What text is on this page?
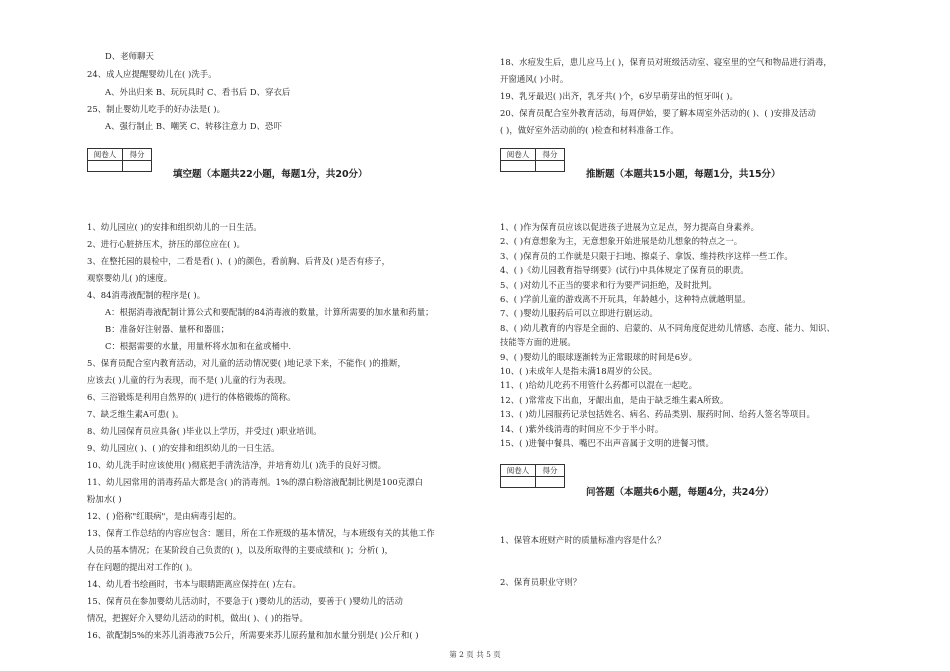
D、老师聊天
24、成人应提醒婴幼儿在( )洗手。
A、外出归来 B、玩玩具时 C、看书后 D、穿衣后
25、制止婴幼儿吃手的好办法是( )。
A、强行制止 B、嘲笑 C、转移注意力 D、恐吓
阅卷人	得分

填空题（本题共22小题，每题1分，共20分）
1、幼儿园应( )的安排和组织幼儿的一日生活。
2、进行心脏挤压术，挤压的部位应在( )。
3、在整托园的晨检中，二看是看( )、( )的颜色，看前胸、后背及( )是否有疹子，
观察婴幼儿( )的速度。
4、84消毒液配制的程序是( )。
A：根据消毒液配制计算公式和要配制的84消毒液的数量，计算所需要的加水量和药量；
B：准备好注射器、量杯和器皿；
C：根据需要的水量，用量杯将水加和在盆或桶中.
5、保育员配合室内教育活动，对儿童的活动情况要( )地记录下来，不能作( )的推断，
应该去( )儿童的行为表现，而不是( )儿童的行为表现。
6、三浴锻炼是利用自然界的( )进行的体格锻炼的简称。
7、缺乏维生素A可患( )。
8、幼儿园保育员应具备( )毕业以上学历，并受过( )职业培训。
9、幼儿园应( )、( )的安排和组织幼儿的一日生活。
10、幼儿洗手时应该使用( )彻底把手清洗洁净，并培育幼儿( )洗手的良好习惯。
11、幼儿园常用的消毒药品大都是含( )的消毒剂。1%的漂白粉溶液配制比例是100克漂白
粉加水( )
12、( )俗称"红眼病"，是由病毒引起的。
13、保育工作总结的内容应包含：题目，所在工作班级的基本情况，与本班级有关的其他工作
人员的基本情况；在某阶段自己负责的( )，以及所取得的主要成绩和( )；分析( )，
存在问题的提出对工作的( )。
14、幼儿看书绘画时，书本与眼睛距离应保持在( )左右。
15、保育员在参加婴幼儿活动时，不要急于( )婴幼儿的活动，要善于( )婴幼儿的活动
情况，把握好介入婴幼儿活动的时机，做出( )、( )的指导。
16、欲配制5%的来苏儿消毒液75公斤，所需要来苏儿原药量和加水量分别是( )公斤和( )
18、水痘发生后，患儿应马上( )，保育员对班级活动室、寝室里的空气和物品进行消毒，
开窗通风( )小时。
19、乳牙最迟( )出齐，乳牙共( )个，6岁早萌芽出的恒牙叫( )。
20、保育员配合室外教育活动，每周伊始，要了解本周室外活动的( )、( )安排及活动
( )，做好室外活动前的( )检查和材料准备工作。
阅卷人	得分

推断题（本题共15小题，每题1分，共15分）
1、( )作为保育员应该以促进孩子进展为立足点，努力提高自身素养。
2、( )有意想象为主，无意想象开始进展是幼儿想象的特点之一。
3、( )保育员的工作就是只限于扫地、擦桌子、拿饭、维持秩序这样一些工作。
4、( )《幼儿园教育指导纲要》(试行)中具体规定了保育员的职责。
5、( )对幼儿不正当的要求和行为要严词拒绝，及时批判。
6、( )学前儿童的游戏离不开玩具，年龄越小，这种特点就越明显。
7、( )婴幼儿服药后可以立即进行剧运动。
8、( )幼儿教育的内容是全面的、启蒙的、从不同角度促进幼儿情感、态度、能力、知识、
技能等方面的进展。
9、( )婴幼儿的眼球逐渐转为正常眼球的时间是6岁。
10、( )未成年人是指未满18周岁的公民。
11、( )给幼儿吃药不用管什么药都可以混在一起吃。
12、( )常常皮下出血，牙龈出血，是由于缺乏维生素A所致。
13、( )幼儿园服药记录包括姓名、病名、药品类别、服药时间、给药人签名等项目。
14、( )紫外线消毒的时间应不少于半小时。
15、( )进餐中餐具、嘴巴不出声音属于文明的进餐习惯。
阅卷人	得分

问答题（本题共6小题，每题4分，共24分）
1、保管本班财产时的质量标准内容是什么？
2、保育员职业守则？
第 2 页 共 5 页
